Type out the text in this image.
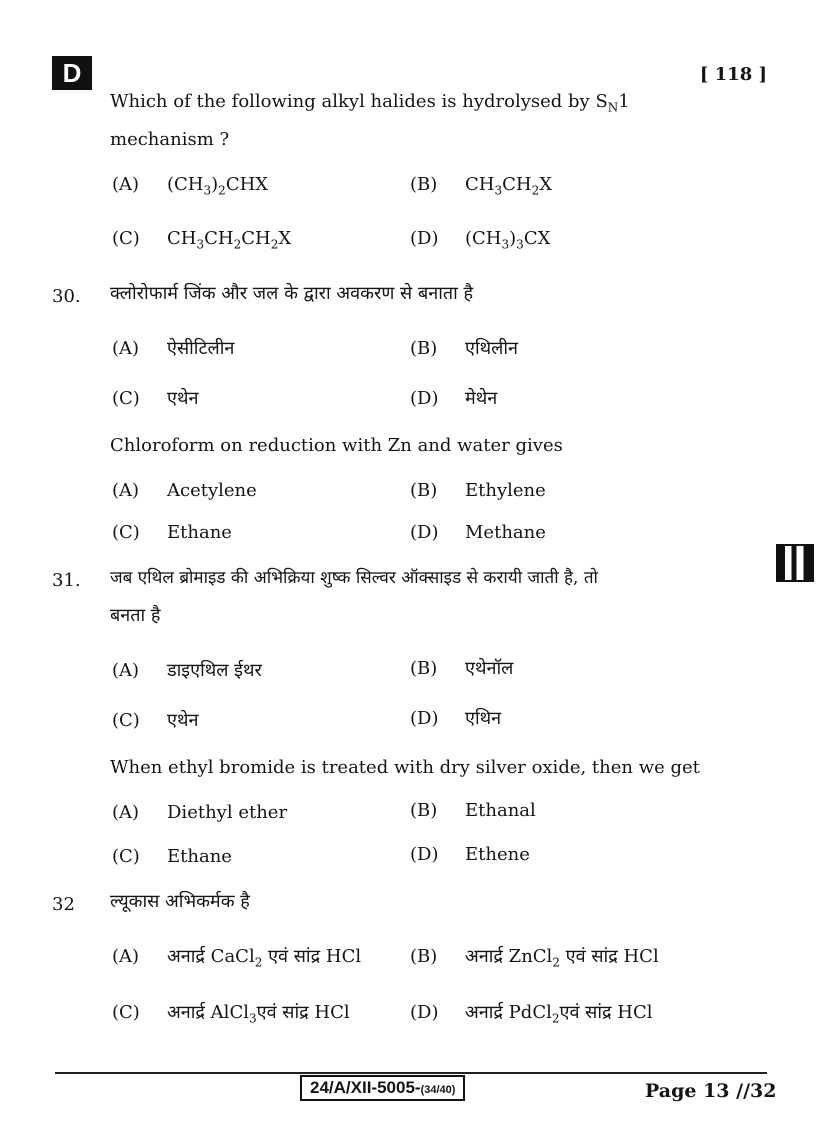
D	[ 118 ]
Which of the following alkyl halides is hydrolysed by $S_N1$
mechanism ?
(A) $(CH_3)_2CHX$	(B) $CH_3CH_2X$
(C) $CH_3CH_2CH_2X$	(D) $(CH_3)_3CX$
30. क्लोरोफार्म जिंक और जल के द्वारा अवकरण से बनाता है
(A) ऐसीटिलीन	(B) एथिलीन
(C) एथेन	(D) मेथेन
Chloroform on reduction with Zn and water gives
(A) Acetylene	(B) Ethylene
(C) Ethane	(D) Methane
31. जब एथिल ब्रोमाइड की अभिक्रिया शुष्क सिल्वर ऑक्साइड से करायी जाती है, तो
बनता है
(A) डाइएथिल ईथर	(B) एथेनॉल
(C) एथेन	(D) एथिन
When ethyl bromide is treated with dry silver oxide, then we get
(A) Diethyl ether	(B) Ethanal
(C) Ethane	(D) Ethene
32 ल्यूकास अभिकर्मक है
(A) अनार्द्र CaCl$_2$ एवं सांद्र HCl	(B) अनार्द्र ZnCl$_2$ एवं सांद्र HCl
(C) अनार्द्र AlCl$_3$एवं सांद्र HCl	(D) अनार्द्र PdCl$_2$एवं सांद्र HCl
24/A/XII-5005-(34/40)	Page 13 //32
